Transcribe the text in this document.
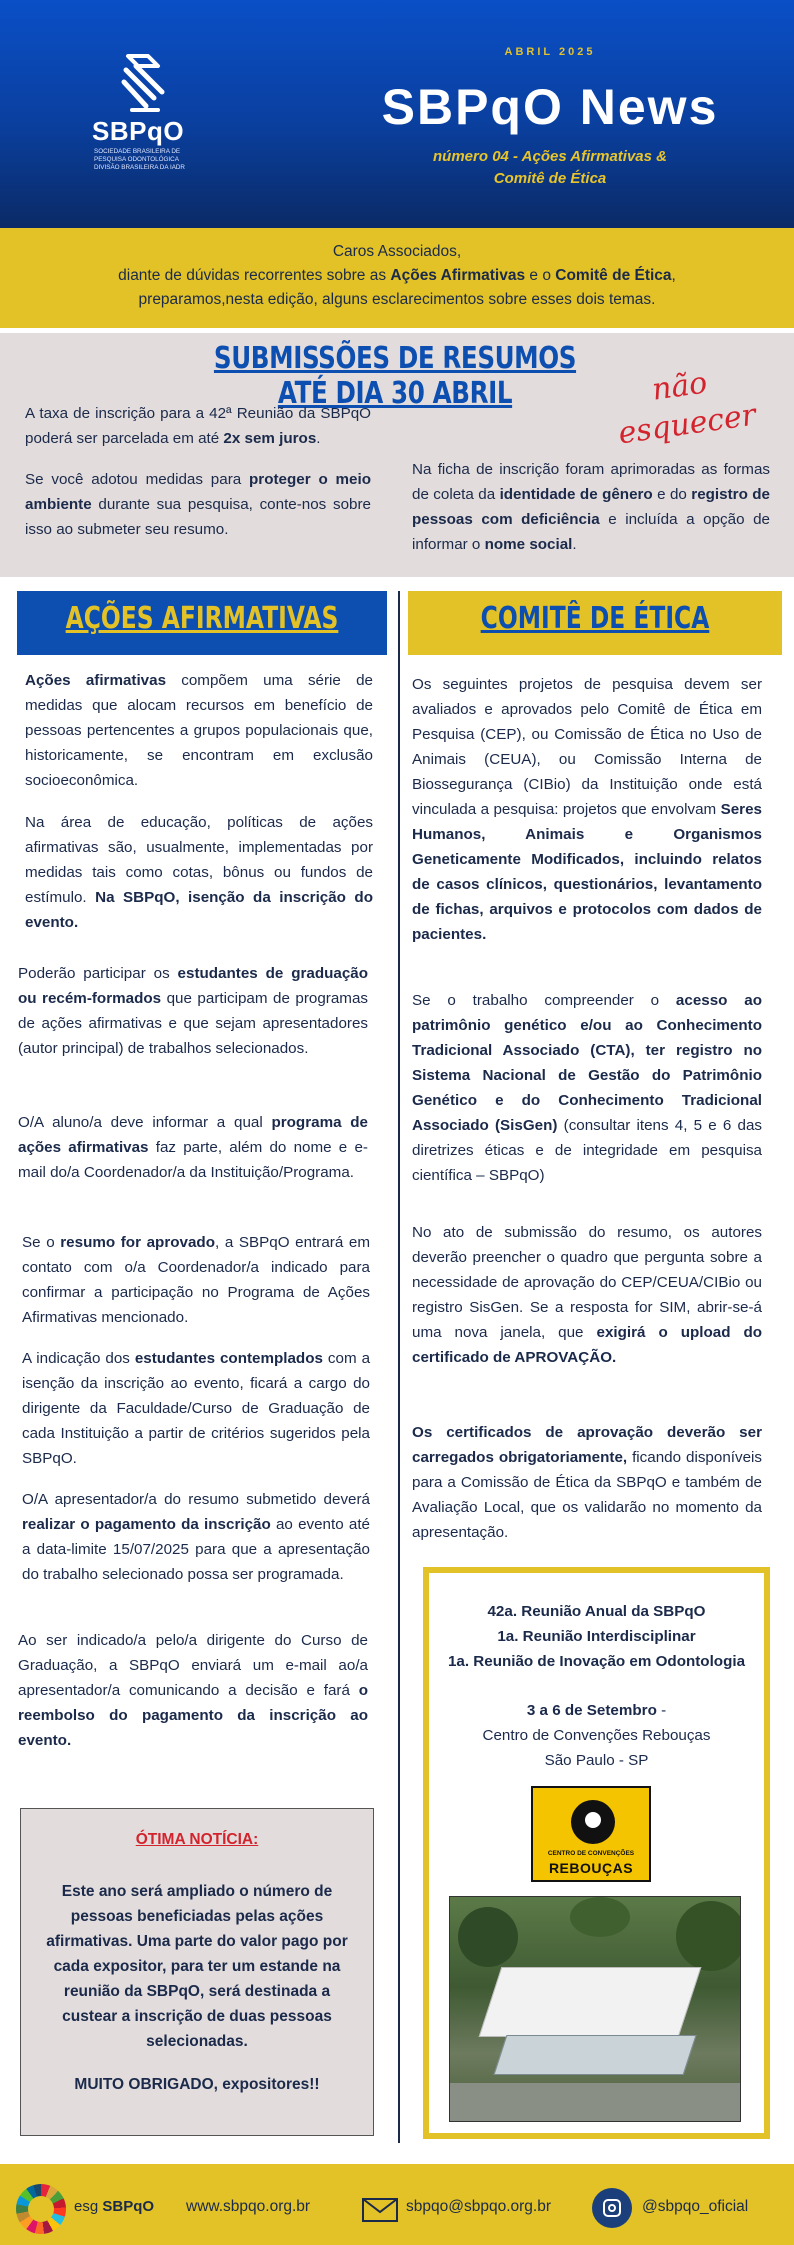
SBPqO
SOCIEDADE BRASILEIRA DE
PESQUISA ODONTOLÓGICA
DIVISÃO BRASILEIRA DA IADR
ABRIL 2025
SBPqO News
número 04 - Ações Afirmativas &
Comitê de Ética

Caros Associados,

diante de dúvidas recorrentes sobre as Ações Afirmativas e o Comitê de Ética,

preparamos,nesta edição, alguns esclarecimentos sobre esses dois temas.

SUBMISSÕES DE RESUMOS ATÉ DIA 30 ABRIL	não
esquecer

A taxa de inscrição para a 42ª Reunião da SBPqO poderá ser parcelada em até 2x sem juros.

Se você adotou medidas para proteger o meio ambiente durante sua pesquisa, conte-nos sobre isso ao submeter seu resumo.

Na ficha de inscrição foram aprimoradas as formas de coleta da identidade de gênero e do registro de pessoas com deficiência e incluída a opção de informar o nome social.

AÇÕES AFIRMATIVAS	COMITÊ DE ÉTICA
Ações afirmativas compõem uma série de medidas que alocam recursos em benefício de pessoas pertencentes a grupos populacionais que, historicamente, se encontram em exclusão socioeconômica.
Na área de educação, políticas de ações afirmativas são, usualmente, implementadas por medidas tais como cotas, bônus ou fundos de estímulo. Na SBPqO, isenção da inscrição do evento.
Poderão participar os estudantes de graduação ou recém-formados que participam de programas de ações afirmativas e que sejam apresentadores (autor principal) de trabalhos selecionados.
O/A aluno/a deve informar a qual programa de ações afirmativas faz parte, além do nome e e-mail do/a Coordenador/a da Instituição/Programa.
Se o resumo for aprovado, a SBPqO entrará em contato com o/a Coordenador/a indicado para confirmar a participação no Programa de Ações Afirmativas mencionado.
A indicação dos estudantes contemplados com a isenção da inscrição ao evento, ficará a cargo do dirigente da Faculdade/Curso de Graduação de cada Instituição a partir de critérios sugeridos pela SBPqO.
O/A apresentador/a do resumo submetido deverá realizar o pagamento da inscrição ao evento até a data-limite 15/07/2025 para que a apresentação do trabalho selecionado possa ser programada.
Ao ser indicado/a pelo/a dirigente do Curso de Graduação, a SBPqO enviará um e-mail ao/a apresentador/a comunicando a decisão e fará o reembolso do pagamento da inscrição ao evento.
ÓTIMA NOTÍCIA:
Este ano será ampliado o número de pessoas beneficiadas pelas ações afirmativas. Uma parte do valor pago por cada expositor, para ter um estande na reunião da SBPqO, será destinada a custear a inscrição de duas pessoas selecionadas.
MUITO OBRIGADO, expositores!!
Os seguintes projetos de pesquisa devem ser avaliados e aprovados pelo Comitê de Ética em Pesquisa (CEP), ou Comissão de Ética no Uso de Animais (CEUA), ou Comissão Interna de Biossegurança (CIBio) da Instituição onde está vinculada a pesquisa: projetos que envolvam Seres Humanos, Animais e Organismos Geneticamente Modificados, incluindo relatos de casos clínicos, questionários, levantamento de fichas, arquivos e protocolos com dados de pacientes.
Se o trabalho compreender o acesso ao patrimônio genético e/ou ao Conhecimento Tradicional Associado (CTA), ter registro no Sistema Nacional de Gestão do Patrimônio Genético e do Conhecimento Tradicional Associado (SisGen) (consultar itens 4, 5 e 6 das diretrizes éticas e de integridade em pesquisa científica – SBPqO)
No ato de submissão do resumo, os autores deverão preencher o quadro que pergunta sobre a necessidade de aprovação do CEP/CEUA/CIBio ou registro SisGen. Se a resposta for SIM, abrir-se-á uma nova janela, que exigirá o upload do certificado de APROVAÇÃO.
Os certificados de aprovação deverão ser carregados obrigatoriamente, ficando disponíveis para a Comissão de Ética da SBPqO e também de Avaliação Local, que os validarão no momento da apresentação.
42a. Reunião Anual da SBPqO
1a. Reunião Interdisciplinar
1a. Reunião de Inovação em Odontologia
3 a 6 de Setembro -
Centro de Convenções Rebouças
São Paulo - SP
CENTRO DE CONVENÇÕES
REBOUÇAS
esg SBPqO www.sbpqo.org.br	sbpqo@sbpqo.org.br	@sbpqo_oficial
